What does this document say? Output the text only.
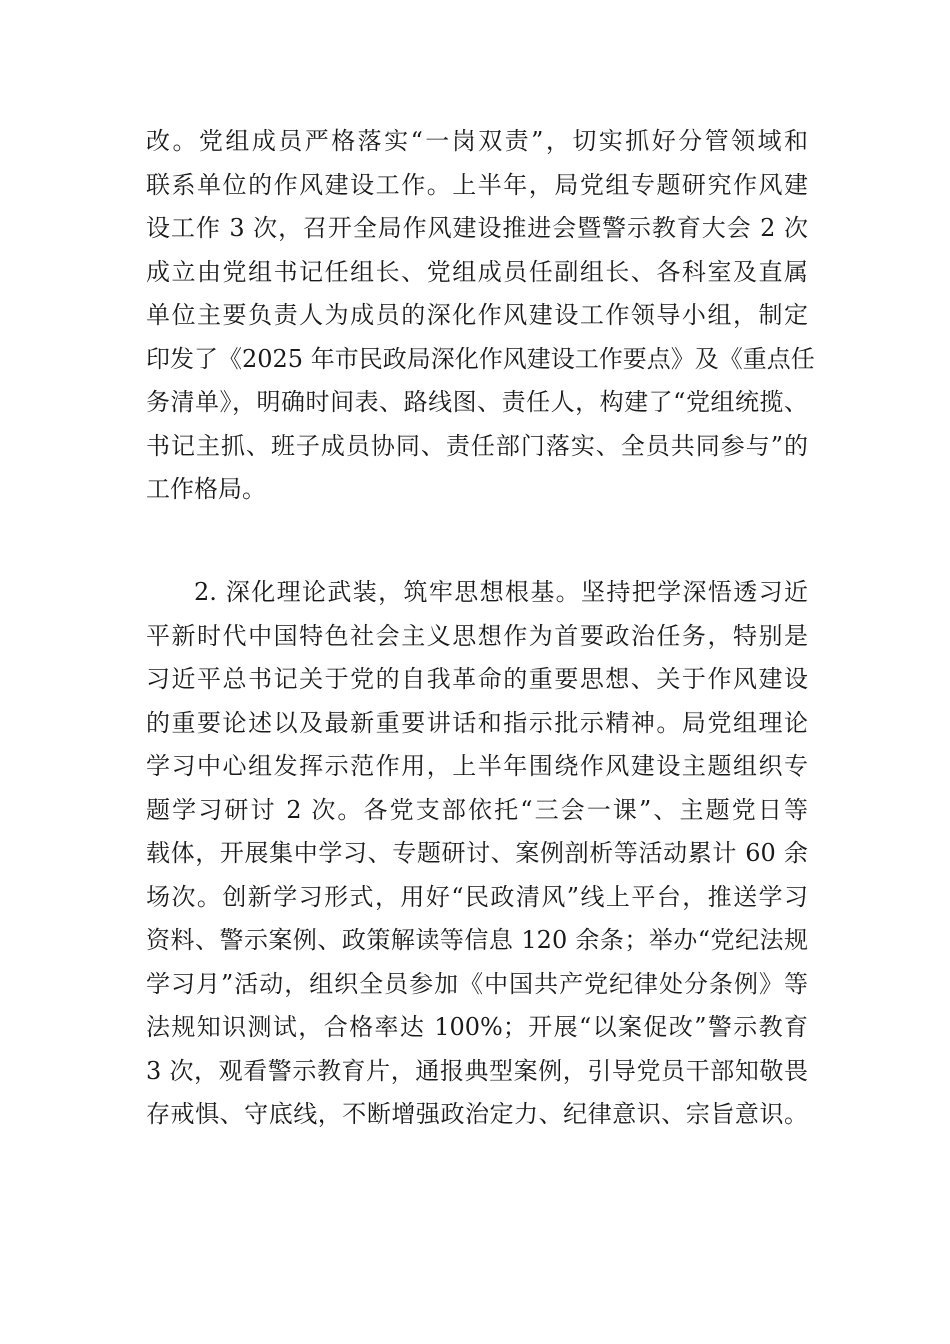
改。党组成员严格落实“一岗双责”，切实抓好分管领域和
联系单位的作风建设工作。上半年，局党组专题研究作风建
设工作 3 次，召开全局作风建设推进会暨警示教育大会 2 次
成立由党组书记任组长、党组成员任副组长、各科室及直属
单位主要负责人为成员的深化作风建设工作领导小组，制定
印发了《2025 年市民政局深化作风建设工作要点》及《重点任
务清单》，明确时间表、路线图、责任人，构建了“党组统揽、
书记主抓、班子成员协同、责任部门落实、全员共同参与”的
工作格局。
2. 深化理论武装，筑牢思想根基。坚持把学深悟透习近
平新时代中国特色社会主义思想作为首要政治任务，特别是
习近平总书记关于党的自我革命的重要思想、关于作风建设
的重要论述以及最新重要讲话和指示批示精神。局党组理论
学习中心组发挥示范作用，上半年围绕作风建设主题组织专
题学习研讨 2 次。各党支部依托“三会一课”、主题党日等
载体，开展集中学习、专题研讨、案例剖析等活动累计 60 余
场次。创新学习形式，用好“民政清风”线上平台，推送学习
资料、警示案例、政策解读等信息 120 余条；举办“党纪法规
学习月”活动，组织全员参加《中国共产党纪律处分条例》等
法规知识测试，合格率达 100%；开展“以案促改”警示教育
3 次，观看警示教育片，通报典型案例，引导党员干部知敬畏
存戒惧、守底线，不断增强政治定力、纪律意识、宗旨意识。
